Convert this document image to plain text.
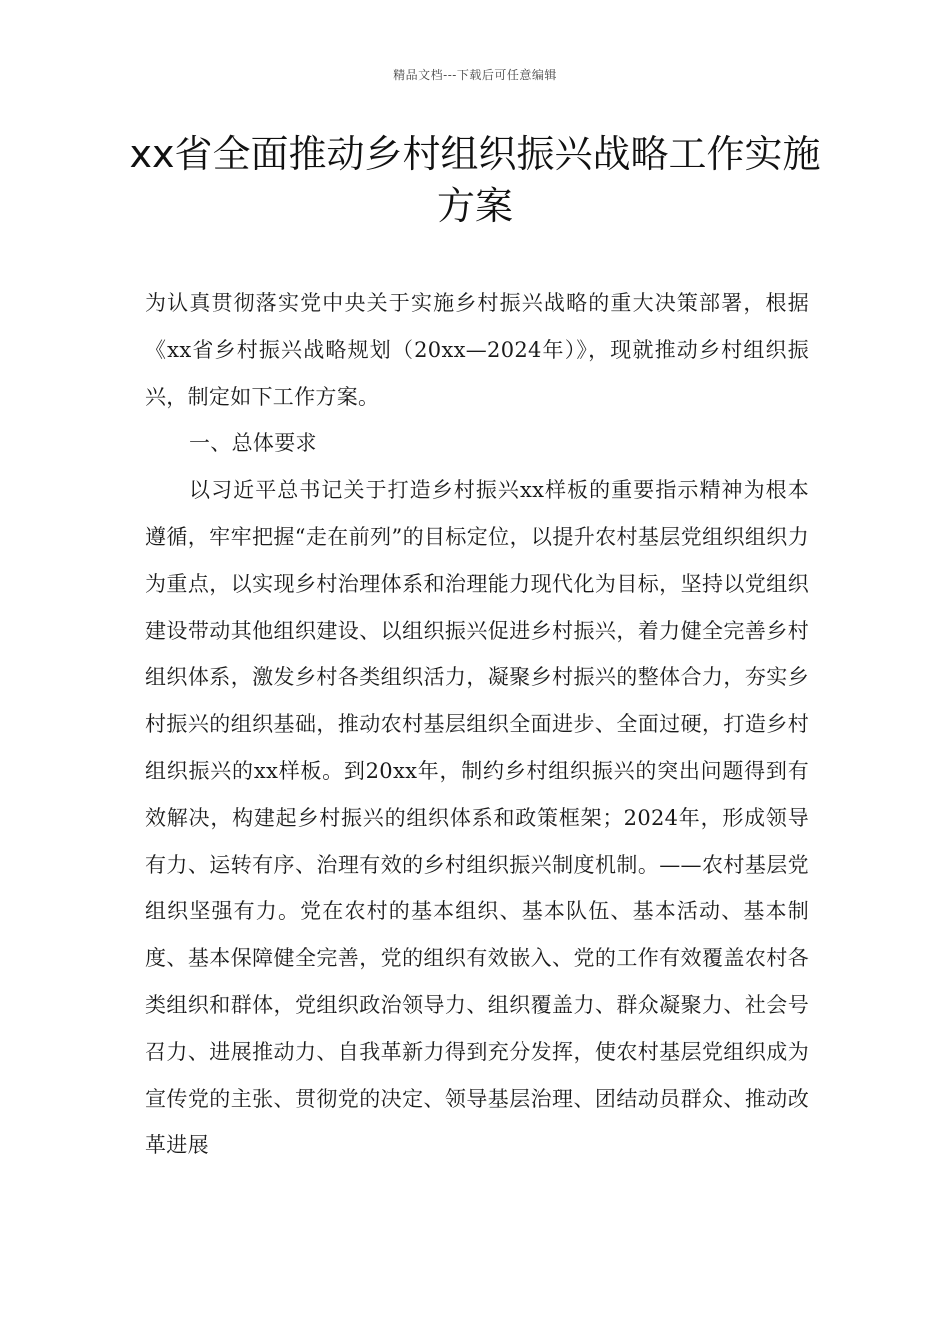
精品文档---下载后可任意编辑
xx省全面推动乡村组织振兴战略工作实施方案

为认真贯彻落实党中央关于实施乡村振兴战略的重大决策部署，根据《xx省乡村振兴战略规划（20xx—2024年）》，现就推动乡村组织振兴，制定如下工作方案。

一、总体要求

以习近平总书记关于打造乡村振兴xx样板的重要指示精神为根本遵循，牢牢把握“走在前列”的目标定位，以提升农村基层党组织组织力为重点，以实现乡村治理体系和治理能力现代化为目标，坚持以党组织建设带动其他组织建设、以组织振兴促进乡村振兴，着力健全完善乡村组织体系，激发乡村各类组织活力，凝聚乡村振兴的整体合力，夯实乡村振兴的组织基础，推动农村基层组织全面进步、全面过硬，打造乡村组织振兴的xx样板。到20xx年，制约乡村组织振兴的突出问题得到有效解决，构建起乡村振兴的组织体系和政策框架；2024年，形成领导有力、运转有序、治理有效的乡村组织振兴制度机制。——农村基层党组织坚强有力。党在农村的基本组织、基本队伍、基本活动、基本制度、基本保障健全完善，党的组织有效嵌入、党的工作有效覆盖农村各类组织和群体，党组织政治领导力、组织覆盖力、群众凝聚力、社会号召力、进展推动力、自我革新力得到充分发挥，使农村基层党组织成为宣传党的主张、贯彻党的决定、领导基层治理、团结动员群众、推动改革进展
